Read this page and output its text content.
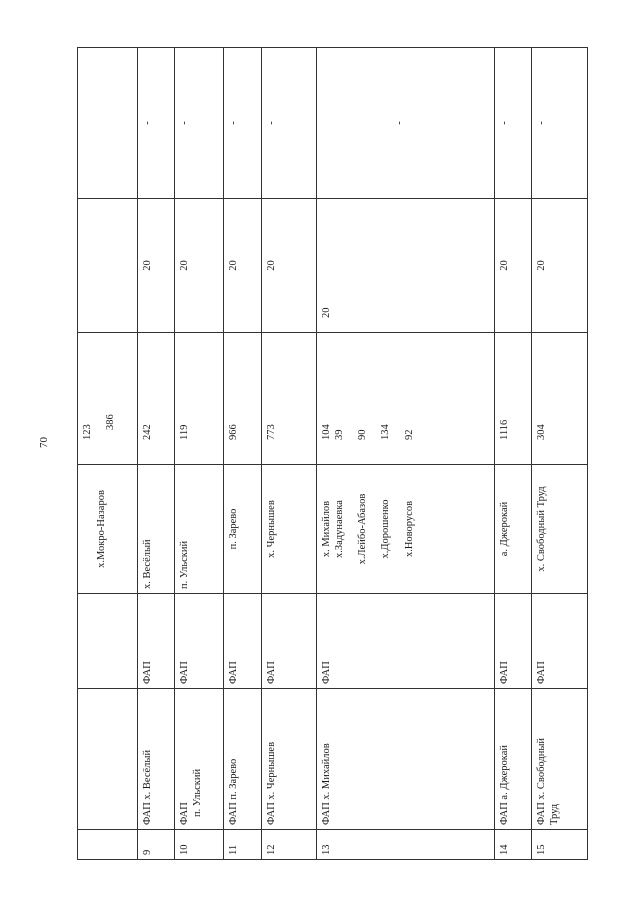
70

			х.Мокро-Назаров	123
386		

9	ФАП х. Весёлый	ФАП	х. Весёлый	242	20	-
10	ФАП п. Ульский	ФАП	п. Ульский	119	20	-
11	ФАП п. Зарево	ФАП	п. Зарево	966	20	-
12	ФАП х. Чернышев	ФАП	х. Чернышев	773	20	-
13	ФАП х. Михайлов	ФАП	х. Михайлов х.Задунаевка х.Лейбо-Абазов х.Дорошенко х.Новорусов	104 39 90 134 92	20	-
14	ФАП а. Джерокай	ФАП	а. Джерокай	1116	20	-
15	ФАП х. Свободный Труд	ФАП	х. Свободный Труд	304	20	-
